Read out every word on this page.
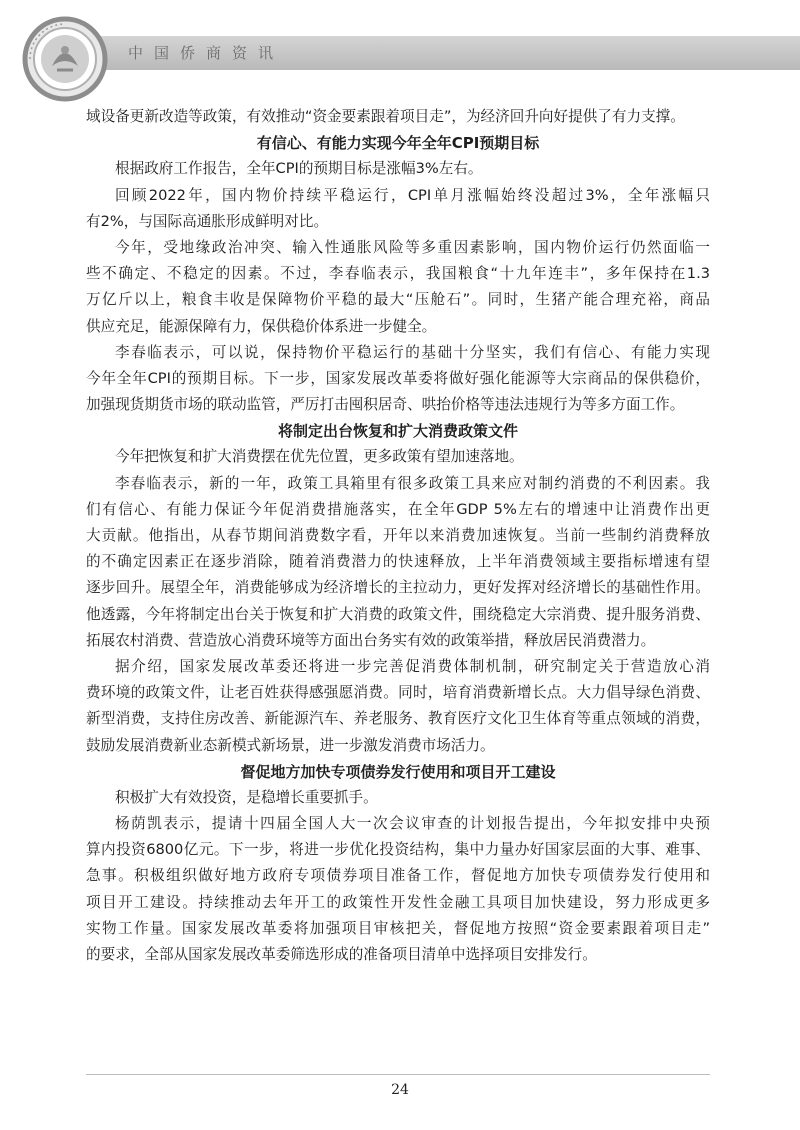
中国侨商资讯
域设备更新改造等政策，有效推动“资金要素跟着项目走”，为经济回升向好提供了有力支撑。
有信心、有能力实现今年全年CPI预期目标
根据政府工作报告，全年CPI的预期目标是涨幅3%左右。
回顾2022年，国内物价持续平稳运行，CPI单月涨幅始终没超过3%，全年涨幅只
有2%，与国际高通胀形成鲜明对比。
今年，受地缘政治冲突、输入性通胀风险等多重因素影响，国内物价运行仍然面临一
些不确定、不稳定的因素。不过，李春临表示，我国粮食“十九年连丰”，多年保持在1.3
万亿斤以上，粮食丰收是保障物价平稳的最大“压舱石”。同时，生猪产能合理充裕，商品
供应充足，能源保障有力，保供稳价体系进一步健全。
李春临表示，可以说，保持物价平稳运行的基础十分坚实，我们有信心、有能力实现
今年全年CPI的预期目标。下一步，国家发展改革委将做好强化能源等大宗商品的保供稳价，
加强现货期货市场的联动监管，严厉打击囤积居奇、哄抬价格等违法违规行为等多方面工作。
将制定出台恢复和扩大消费政策文件
今年把恢复和扩大消费摆在优先位置，更多政策有望加速落地。
李春临表示，新的一年，政策工具箱里有很多政策工具来应对制约消费的不利因素。我
们有信心、有能力保证今年促消费措施落实，在全年GDP 5%左右的增速中让消费作出更
大贡献。他指出，从春节期间消费数字看，开年以来消费加速恢复。当前一些制约消费释放
的不确定因素正在逐步消除，随着消费潜力的快速释放，上半年消费领域主要指标增速有望
逐步回升。展望全年，消费能够成为经济增长的主拉动力，更好发挥对经济增长的基础性作用。
他透露，今年将制定出台关于恢复和扩大消费的政策文件，围绕稳定大宗消费、提升服务消费、
拓展农村消费、营造放心消费环境等方面出台务实有效的政策举措，释放居民消费潜力。
据介绍，国家发展改革委还将进一步完善促消费体制机制，研究制定关于营造放心消
费环境的政策文件，让老百姓获得感强愿消费。同时，培育消费新增长点。大力倡导绿色消费、
新型消费，支持住房改善、新能源汽车、养老服务、教育医疗文化卫生体育等重点领域的消费，
鼓励发展消费新业态新模式新场景，进一步激发消费市场活力。
督促地方加快专项债券发行使用和项目开工建设
积极扩大有效投资，是稳增长重要抓手。
杨荫凯表示，提请十四届全国人大一次会议审查的计划报告提出，今年拟安排中央预
算内投资6800亿元。下一步，将进一步优化投资结构，集中力量办好国家层面的大事、难事、
急事。积极组织做好地方政府专项债券项目准备工作，督促地方加快专项债券发行使用和
项目开工建设。持续推动去年开工的政策性开发性金融工具项目加快建设，努力形成更多
实物工作量。国家发展改革委将加强项目审核把关，督促地方按照“资金要素跟着项目走”
的要求，全部从国家发展改革委筛选形成的准备项目清单中选择项目安排发行。
24
